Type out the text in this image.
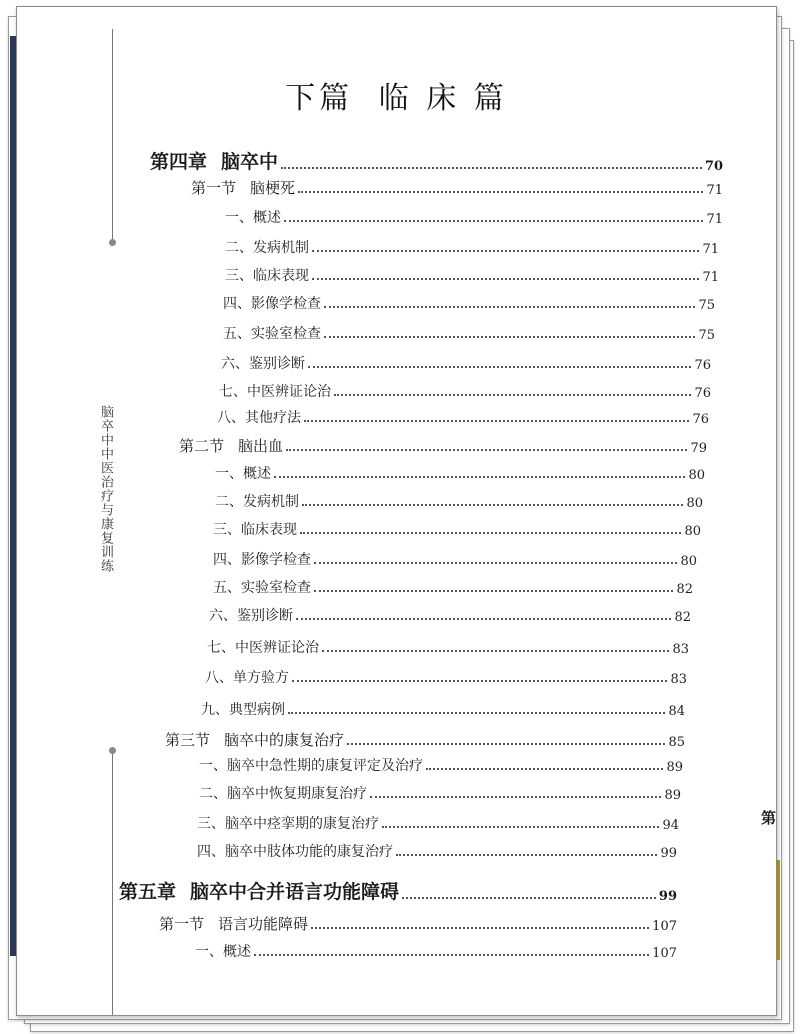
脑卒中中医治疗与康复训练
下篇 临 床 篇
第四章 脑卒中	70
第一节 脑梗死	71
一、概述	71
二、发病机制	71
三、临床表现	71
四、影像学检查	75
五、实验室检查	75
六、鉴别诊断	76
七、中医辨证论治	76
八、其他疗法	76
第二节 脑出血	79
一、概述	80
二、发病机制	80
三、临床表现	80
四、影像学检查	80
五、实验室检查	82
六、鉴别诊断	82
七、中医辨证论治	83
八、单方验方	83
九、典型病例	84
第三节 脑卒中的康复治疗	85
一、脑卒中急性期的康复评定及治疗	89
二、脑卒中恢复期康复治疗	89
三、脑卒中痉挛期的康复治疗	94
四、脑卒中肢体功能的康复治疗	99
第五章 脑卒中合并语言功能障碍	99
第一节 语言功能障碍	107
一、概述	107
第
